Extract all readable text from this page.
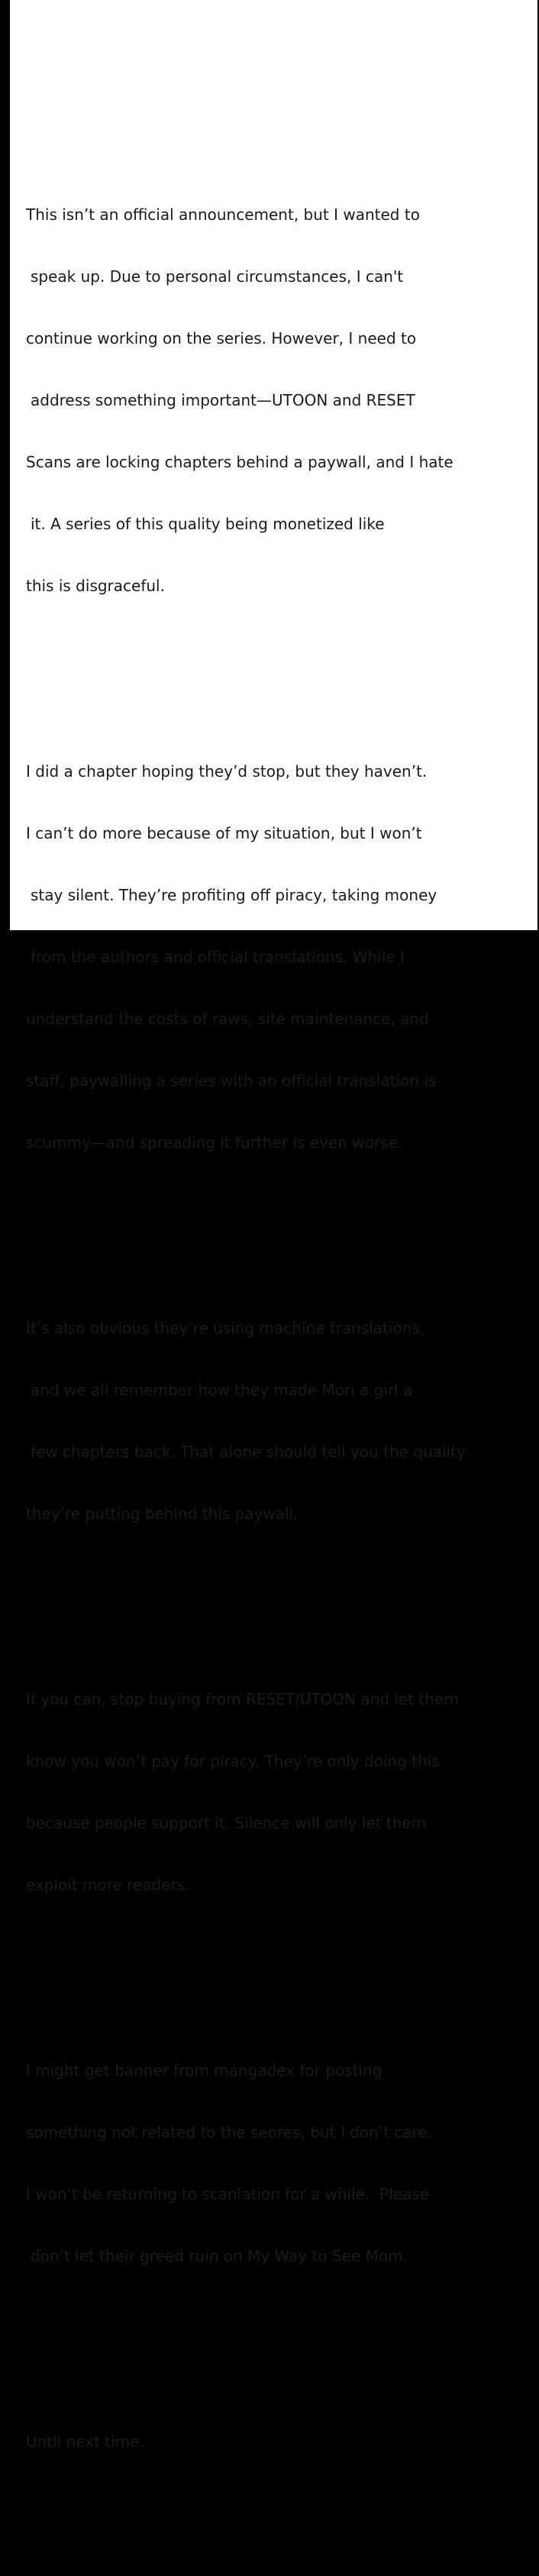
This isn’t an official announcement, but I wanted to

speak up. Due to personal circumstances, I can't

continue working on the series. However, I need to

address something important—UTOON and RESET

Scans are locking chapters behind a paywall, and I hate

it. A series of this quality being monetized like

this is disgraceful.

I did a chapter hoping they’d stop, but they haven’t.

I can’t do more because of my situation, but I won’t

stay silent. They’re profiting off piracy, taking money

from the authors and official translations. While I

understand the costs of raws, site maintenance, and

staff, paywalling a series with an official translation is

scummy—and spreading it further is even worse.

It’s also obvious they’re using machine translations,

and we all remember how they made Mori a girl a

few chapters back. That alone should tell you the quality

they’re putting behind this paywall.

If you can, stop buying from RESET/UTOON and let them

know you won’t pay for piracy. They’re only doing this

because people support it. Silence will only let them

exploit more readers.

I might get banner from mangadex for posting

something not related to the seores, but I don’t care.

I won’t be returning to scanlation for a while.  Please

don’t let their greed ruin on My Way to See Mom.

Until next time.
